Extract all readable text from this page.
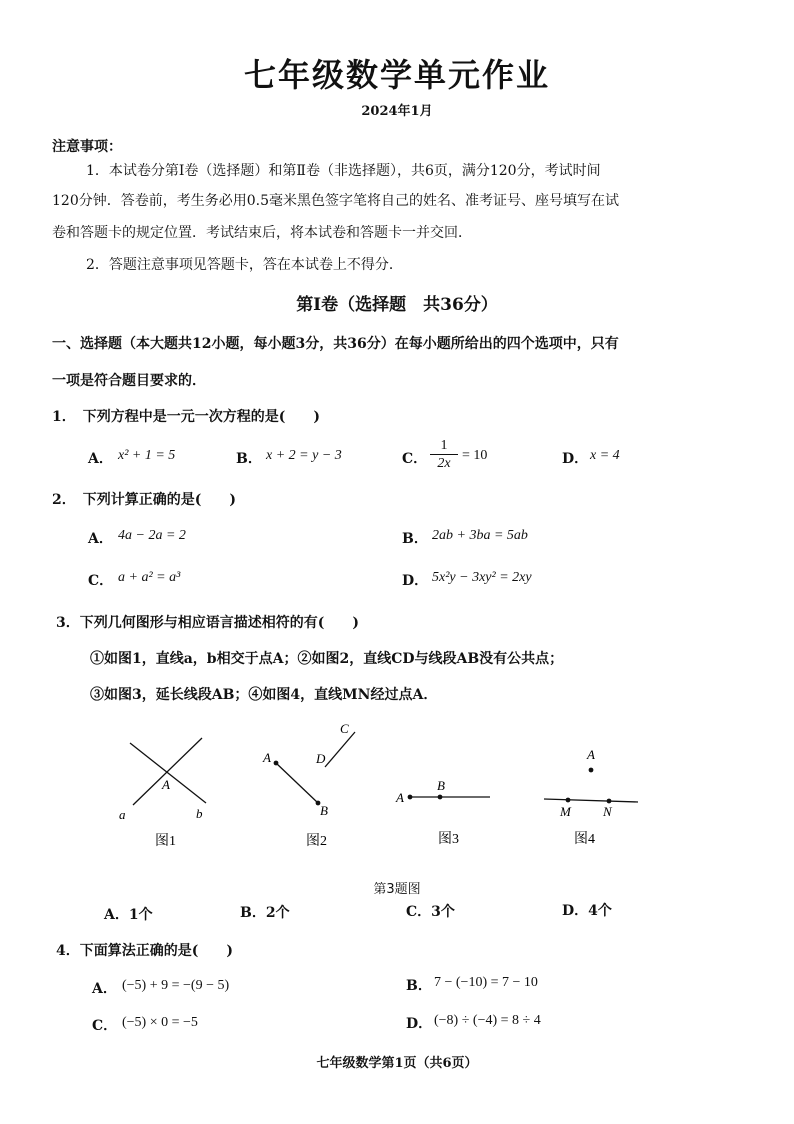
七年级数学单元作业
2024年1月
注意事项：
1．本试卷分第Ⅰ卷（选择题）和第Ⅱ卷（非选择题），共6页，满分120分，考试时间
120分钟．答卷前，考生务必用0.5毫米黑色签字笔将自己的姓名、准考证号、座号填写在试
卷和答题卡的规定位置．考试结束后，将本试卷和答题卡一并交回．
2．答题注意事项见答题卡，答在本试卷上不得分．
第Ⅰ卷（选择题　共36分）
一、选择题（本大题共12小题，每小题3分，共36分）在每小题所给出的四个选项中，只有
一项是符合题目要求的．
1．　下列方程中是一元一次方程的是(　　)
A． x² + 1 = 5	B． x + 2 = y − 3	C． $\frac{1}{2x} = 10$	D． x = 4
2．　下列计算正确的是(　　)
A． 4a − 2a = 2	B． 2ab + 3ba = 5ab
C． a + a² = a³	D． 5x²y − 3xy² = 2xy
3．下列几何图形与相应语言描述相符的有(　　)
①如图1，直线a，b相交于点A；②如图2，直线CD与线段AB没有公共点；
③如图3，延长线段AB；④如图4，直线MN经过点A．
A
a	b
图1
A
B
C
D
图2
A
B
图3
A
M N
图4
第3题图
A．1个	B．2个	C．3个	D．4个
4．下面算法正确的是(　　)
A． (−5) + 9 = −(9 − 5)	B． 7 − (−10) = 7 − 10
C． (−5) × 0 = −5	D． (−8) ÷ (−4) = 8 ÷ 4
七年级数学第1页（共6页）
